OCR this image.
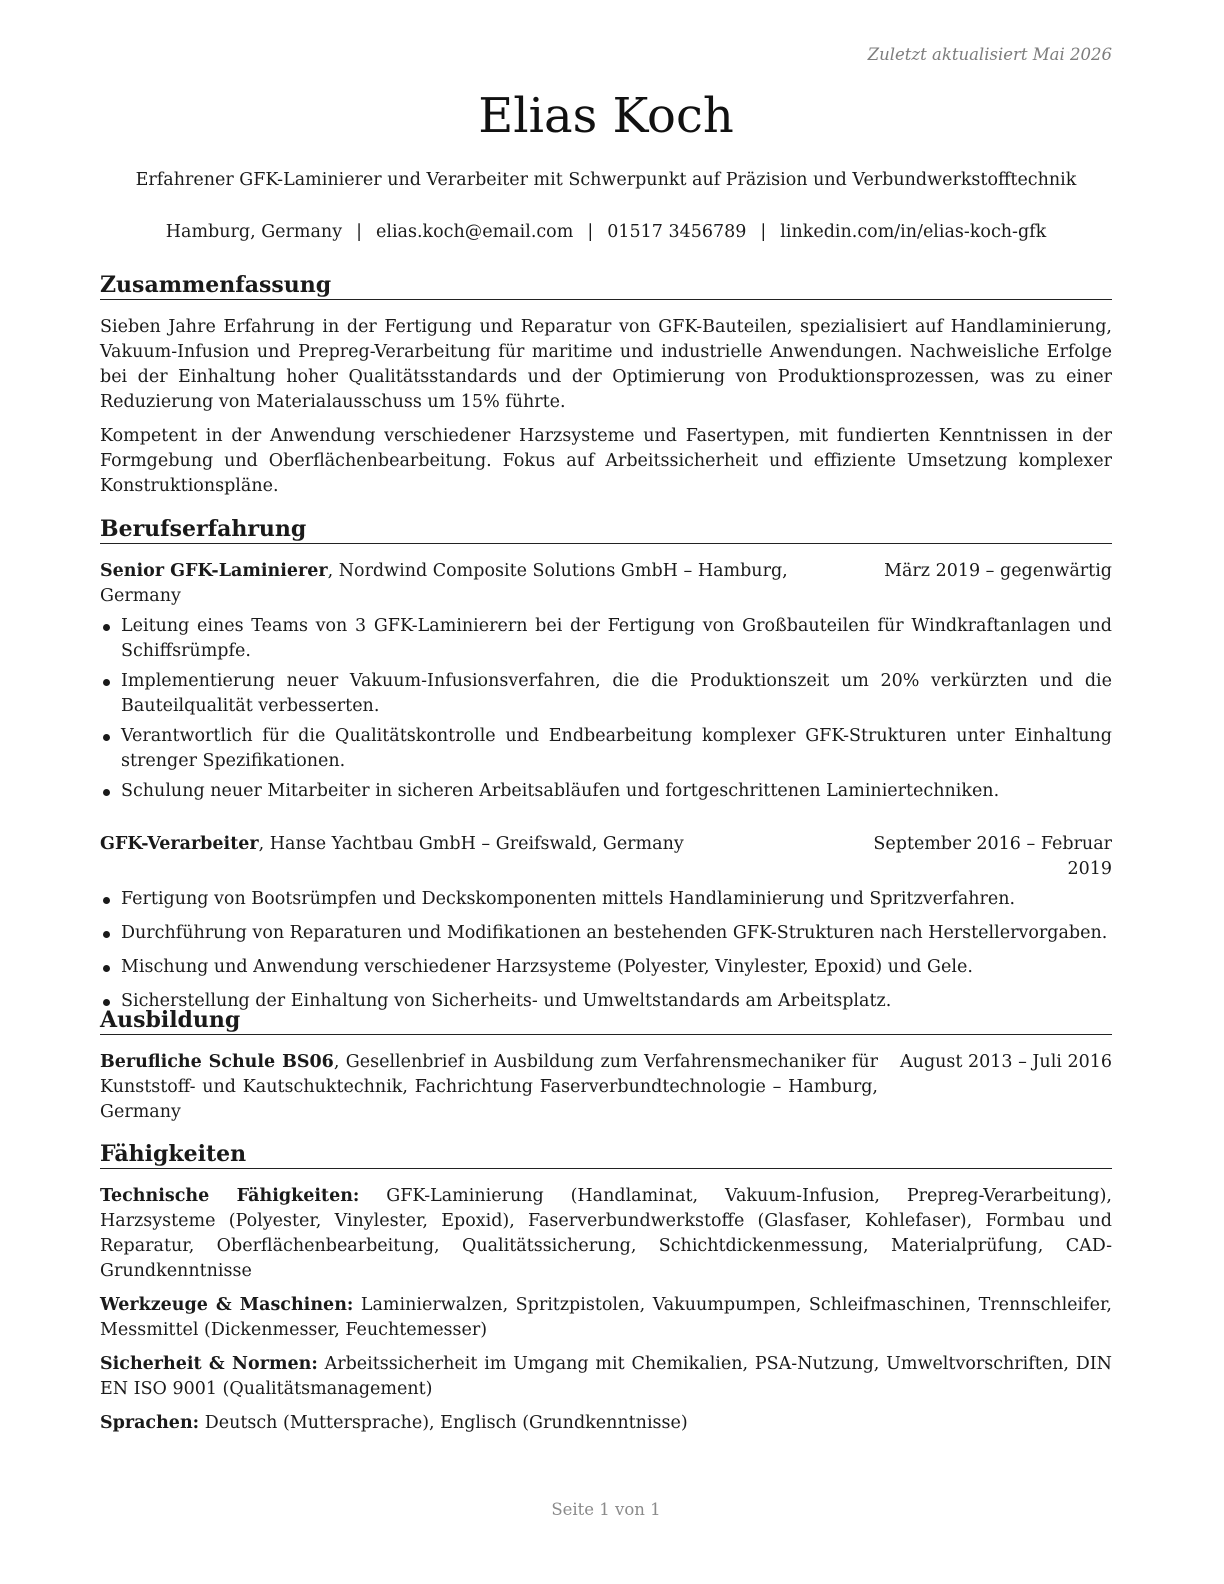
Zuletzt aktualisiert Mai 2026
Elias Koch
Erfahrener GFK-Laminierer und Verarbeiter mit Schwerpunkt auf Präzision und Verbundwerkstofftechnik
Hamburg, Germany | elias.koch@email.com | 01517 3456789 | linkedin.com/in/elias-koch-gfk
Zusammenfassung

Sieben Jahre Erfahrung in der Fertigung und Reparatur von GFK-Bauteilen, spezialisiert auf Handlaminierung, Vakuum-Infusion und Prepreg-Verarbeitung für maritime und industrielle Anwendungen. Nachweisliche Erfolge bei der Einhaltung hoher Qualitätsstandards und der Optimierung von Produktionsprozessen, was zu einer Reduzierung von Materialausschuss um 15% führte.

Kompetent in der Anwendung verschiedener Harzsysteme und Fasertypen, mit fundierten Kenntnissen in der Formgebung und Oberflächenbearbeitung. Fokus auf Arbeitssicherheit und effiziente Umsetzung komplexer Konstruktionspläne.

Berufserfahrung
Senior GFK-Laminierer, Nordwind Composite Solutions GmbH – Hamburg, Germany
März 2019 – gegenwärtig
Leitung eines Teams von 3 GFK-Laminierern bei der Fertigung von Großbauteilen für Windkraftanlagen und Schiffsrümpfe.
Implementierung neuer Vakuum-Infusionsverfahren, die die Produktionszeit um 20% verkürzten und die Bauteilqualität verbesserten.
Verantwortlich für die Qualitätskontrolle und Endbearbeitung komplexer GFK-Strukturen unter Einhaltung strenger Spezifikationen.
Schulung neuer Mitarbeiter in sicheren Arbeitsabläufen und fortgeschrittenen Laminiertechniken.
GFK-Verarbeiter, Hanse Yachtbau GmbH – Greifswald, Germany	September 2016 – Februar 2019
Fertigung von Bootsrümpfen und Deckskomponenten mittels Handlaminierung und Spritzverfahren.
Durchführung von Reparaturen und Modifikationen an bestehenden GFK-Strukturen nach Herstellervorgaben.
Mischung und Anwendung verschiedener Harzsysteme (Polyester, Vinylester, Epoxid) und Gele.
Sicherstellung der Einhaltung von Sicherheits- und Umweltstandards am Arbeitsplatz.
Ausbildung
Berufliche Schule BS06, Gesellenbrief in Ausbildung zum Verfahrensmechaniker für Kunststoff- und Kautschuktechnik, Fachrichtung Faserverbundtechnologie – Hamburg, Germany
August 2013 – Juli 2016
Fähigkeiten

Technische Fähigkeiten: GFK-Laminierung (Handlaminat, Vakuum-Infusion, Prepreg-Verarbeitung), Harzsysteme (Polyester, Vinylester, Epoxid), Faserverbundwerkstoffe (Glasfaser, Kohlefaser), Formbau und Reparatur, Oberflächenbearbeitung, Qualitätssicherung, Schichtdickenmessung, Materialprüfung, CAD-Grundkenntnisse

Werkzeuge & Maschinen: Laminierwalzen, Spritzpistolen, Vakuumpumpen, Schleifmaschinen, Trennschleifer, Messmittel (Dickenmesser, Feuchtemesser)

Sicherheit & Normen: Arbeitssicherheit im Umgang mit Chemikalien, PSA-Nutzung, Umweltvorschriften, DIN EN ISO 9001 (Qualitätsmanagement)

Sprachen: Deutsch (Muttersprache), Englisch (Grundkenntnisse)

Seite 1 von 1
